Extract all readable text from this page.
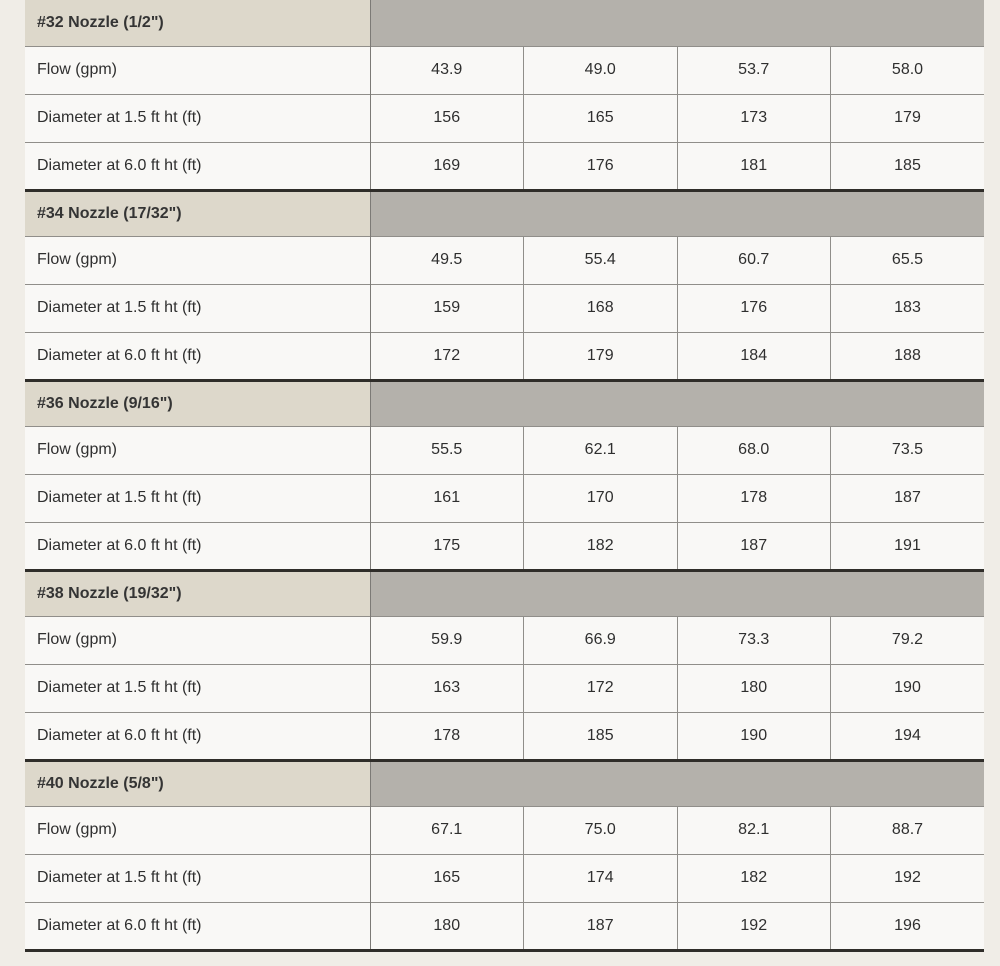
#32 Nozzle (1/2")				
Flow (gpm)	43.9	49.0	53.7	58.0
Diameter at 1.5 ft ht (ft)	156	165	173	179
Diameter at 6.0 ft ht (ft)	169	176	181	185
#34 Nozzle (17/32")				
Flow (gpm)	49.5	55.4	60.7	65.5
Diameter at 1.5 ft ht (ft)	159	168	176	183
Diameter at 6.0 ft ht (ft)	172	179	184	188
#36 Nozzle (9/16")				
Flow (gpm)	55.5	62.1	68.0	73.5
Diameter at 1.5 ft ht (ft)	161	170	178	187
Diameter at 6.0 ft ht (ft)	175	182	187	191
#38 Nozzle (19/32")				
Flow (gpm)	59.9	66.9	73.3	79.2
Diameter at 1.5 ft ht (ft)	163	172	180	190
Diameter at 6.0 ft ht (ft)	178	185	190	194
#40 Nozzle (5/8")				
Flow (gpm)	67.1	75.0	82.1	88.7
Diameter at 1.5 ft ht (ft)	165	174	182	192
Diameter at 6.0 ft ht (ft)	180	187	192	196
